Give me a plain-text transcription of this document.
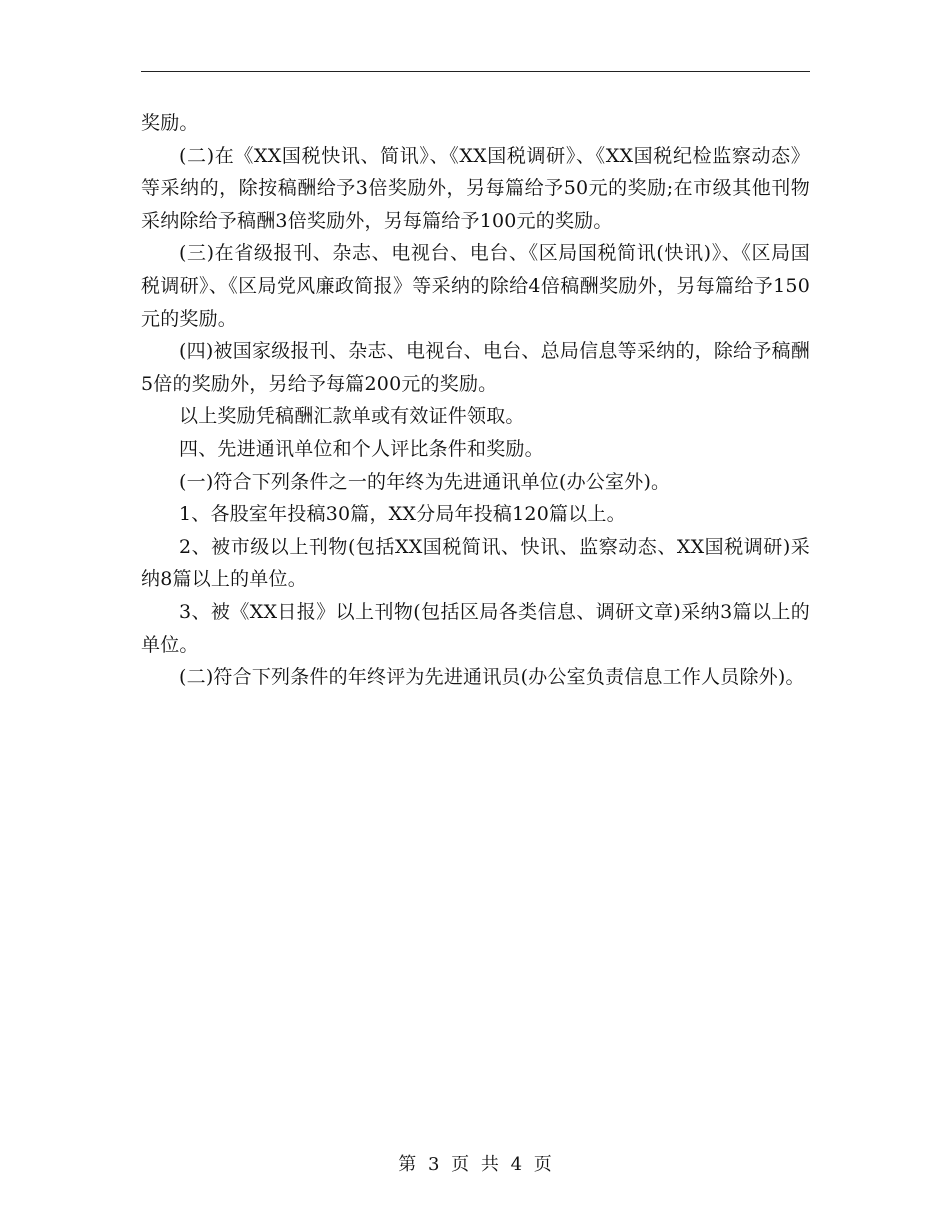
奖励。

(二)在《XX国税快讯、简讯》、《XX国税调研》、《XX国税纪检监察动态》等采纳的，除按稿酬给予3倍奖励外，另每篇给予50元的奖励;在市级其他刊物采纳除给予稿酬3倍奖励外，另每篇给予100元的奖励。

(三)在省级报刊、杂志、电视台、电台、《区局国税简讯(快讯)》、《区局国税调研》、《区局党风廉政简报》等采纳的除给4倍稿酬奖励外，另每篇给予150元的奖励。

(四)被国家级报刊、杂志、电视台、电台、总局信息等采纳的，除给予稿酬5倍的奖励外，另给予每篇200元的奖励。

以上奖励凭稿酬汇款单或有效证件领取。

四、先进通讯单位和个人评比条件和奖励。

(一)符合下列条件之一的年终为先进通讯单位(办公室外)。

1、各股室年投稿30篇，XX分局年投稿120篇以上。

2、被市级以上刊物(包括XX国税简讯、快讯、监察动态、XX国税调研)采纳8篇以上的单位。

3、被《XX日报》以上刊物(包括区局各类信息、调研文章)采纳3篇以上的单位。

(二)符合下列条件的年终评为先进通讯员(办公室负责信息工作人员除外)。

第 3 页 共 4 页
